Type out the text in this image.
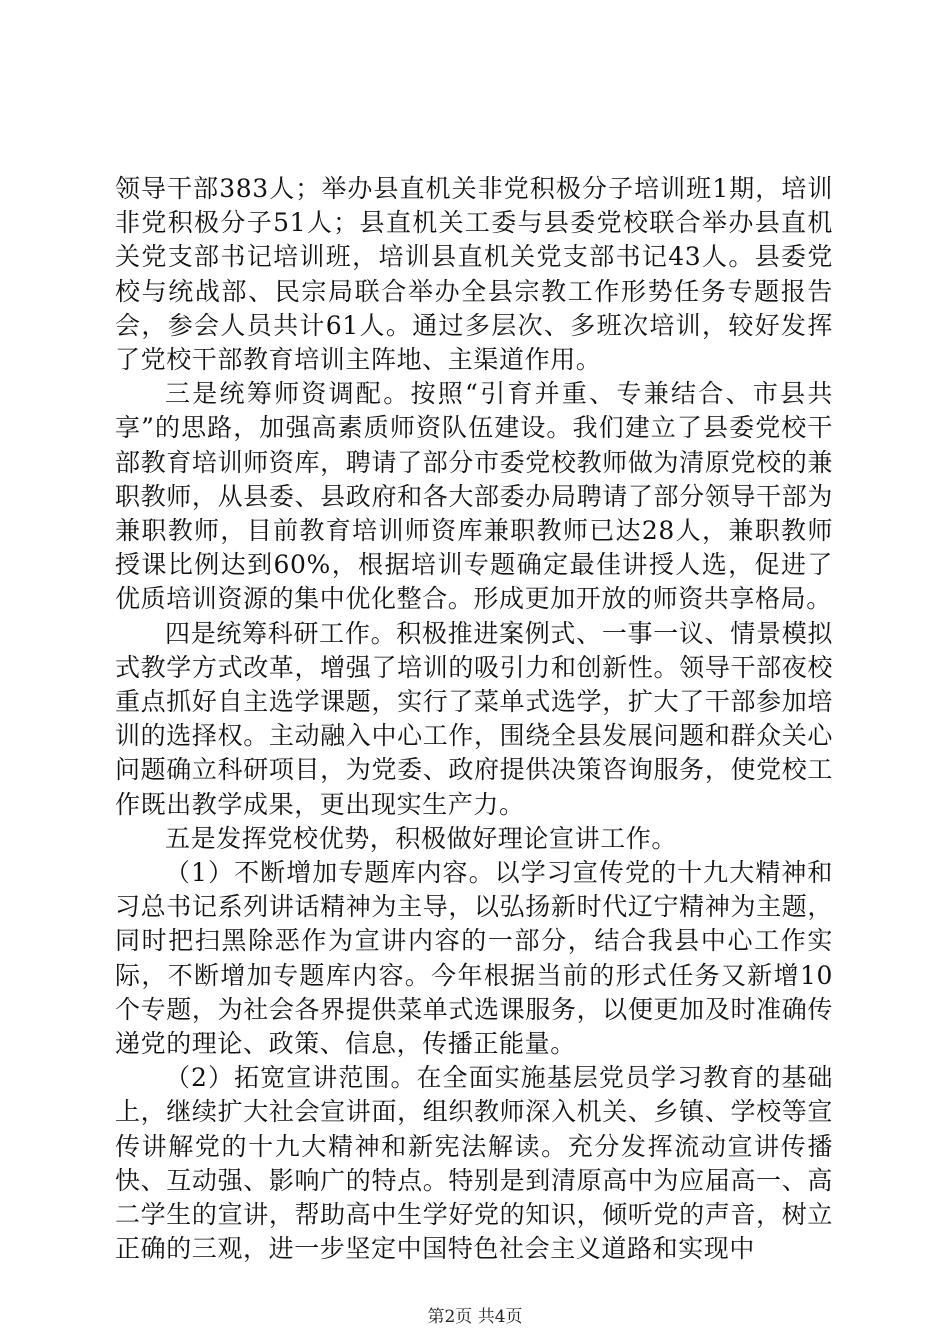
领导干部383人；举办县直机关非党积极分子培训班1期，培训非党积极分子51人；县直机关工委与县委党校联合举办县直机关党支部书记培训班，培训县直机关党支部书记43人。县委党校与统战部、民宗局联合举办全县宗教工作形势任务专题报告会，参会人员共计61人。通过多层次、多班次培训，较好发挥了党校干部教育培训主阵地、主渠道作用。

三是统筹师资调配。按照“引育并重、专兼结合、市县共享”的思路，加强高素质师资队伍建设。我们建立了县委党校干部教育培训师资库，聘请了部分市委党校教师做为清原党校的兼职教师，从县委、县政府和各大部委办局聘请了部分领导干部为兼职教师，目前教育培训师资库兼职教师已达28人，兼职教师授课比例达到60%，根据培训专题确定最佳讲授人选，促进了优质培训资源的集中优化整合。形成更加开放的师资共享格局。

四是统筹科研工作。积极推进案例式、一事一议、情景模拟式教学方式改革，增强了培训的吸引力和创新性。领导干部夜校重点抓好自主选学课题，实行了菜单式选学，扩大了干部参加培训的选择权。主动融入中心工作，围绕全县发展问题和群众关心问题确立科研项目，为党委、政府提供决策咨询服务，使党校工作既出教学成果，更出现实生产力。

五是发挥党校优势，积极做好理论宣讲工作。

（1）不断增加专题库内容。以学习宣传党的十九大精神和习总书记系列讲话精神为主导，以弘扬新时代辽宁精神为主题，同时把扫黑除恶作为宣讲内容的一部分，结合我县中心工作实际，不断增加专题库内容。今年根据当前的形式任务又新增10个专题，为社会各界提供菜单式选课服务，以便更加及时准确传递党的理论、政策、信息，传播正能量。

（2）拓宽宣讲范围。在全面实施基层党员学习教育的基础上，继续扩大社会宣讲面，组织教师深入机关、乡镇、学校等宣传讲解党的十九大精神和新宪法解读。充分发挥流动宣讲传播快、互动强、影响广的特点。特别是到清原高中为应届高一、高二学生的宣讲，帮助高中生学好党的知识，倾听党的声音，树立正确的三观，进一步坚定中国特色社会主义道路和实现中

第2页 共4页
